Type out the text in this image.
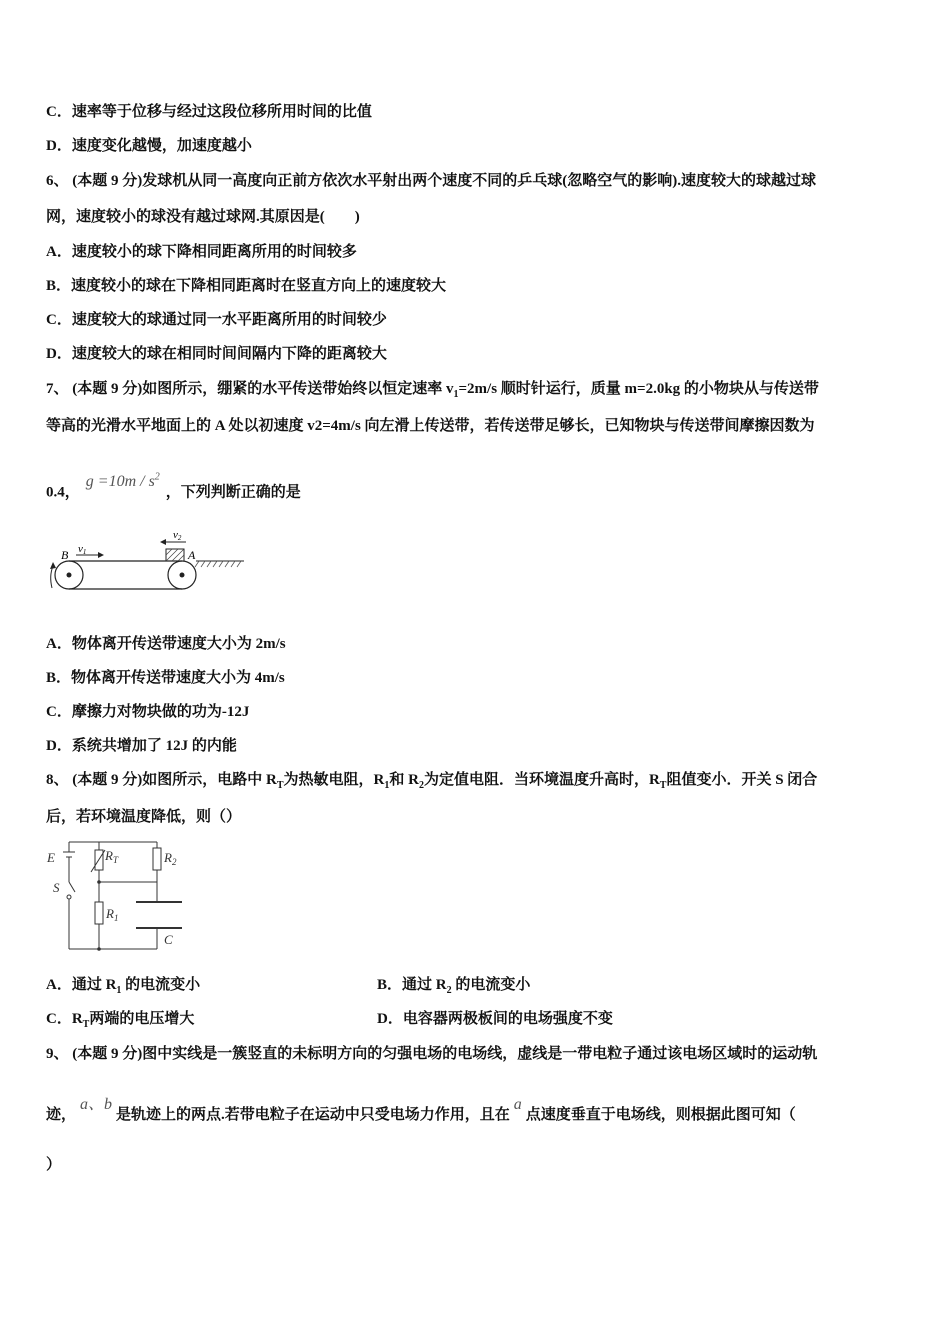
C．速率等于位移与经过这段位移所用时间的比值
D．速度变化越慢，加速度越小
6、 (本题 9 分)发球机从同一高度向正前方依次水平射出两个速度不同的乒乓球(忽略空气的影响).速度较大的球越过球
网，速度较小的球没有越过球网.其原因是(　　)
A．速度较小的球下降相同距离所用的时间较多
B．速度较小的球在下降相同距离时在竖直方向上的速度较大
C．速度较大的球通过同一水平距离所用的时间较少
D．速度较大的球在相同时间间隔内下降的距离较大
7、 (本题 9 分)如图所示，绷紧的水平传送带始终以恒定速率 $v_1=2m/s$ 顺时针运行，质量 m=2.0kg 的小物块从与传送带
等高的光滑水平地面上的 A 处以初速度 v2=4m/s 向左滑上传送带，若传送带足够长，已知物块与传送带间摩擦因数为
0.4，$g =10m / s^2$，下列判断正确的是
B	A
v1
v2
A．物体离开传送带速度大小为 2m/s
B．物体离开传送带速度大小为 4m/s
C．摩擦力对物块做的功为-12J
D．系统共增加了 12J 的内能
8、 (本题 9 分)如图所示，电路中 $R_T$为热敏电阻，$R_1$和 $R_2$为定值电阻．当环境温度升高时，$R_T$阻值变小．开关 S 闭合
后，若环境温度降低，则（）
E
S
$R_T$	$R_2$
$R_1$
C
A．通过 $R_1$ 的电流变小	B．通过 $R_2$ 的电流变小
C．$R_T$两端的电压增大	D．电容器两极板间的电场强度不变
9、 (本题 9 分)图中实线是一簇竖直的未标明方向的匀强电场的电场线，虚线是一带电粒子通过该电场区域时的运动轨
迹，a、b是轨迹上的两点.若带电粒子在运动中只受电场力作用，且在a点速度垂直于电场线，则根据此图可知（
）
